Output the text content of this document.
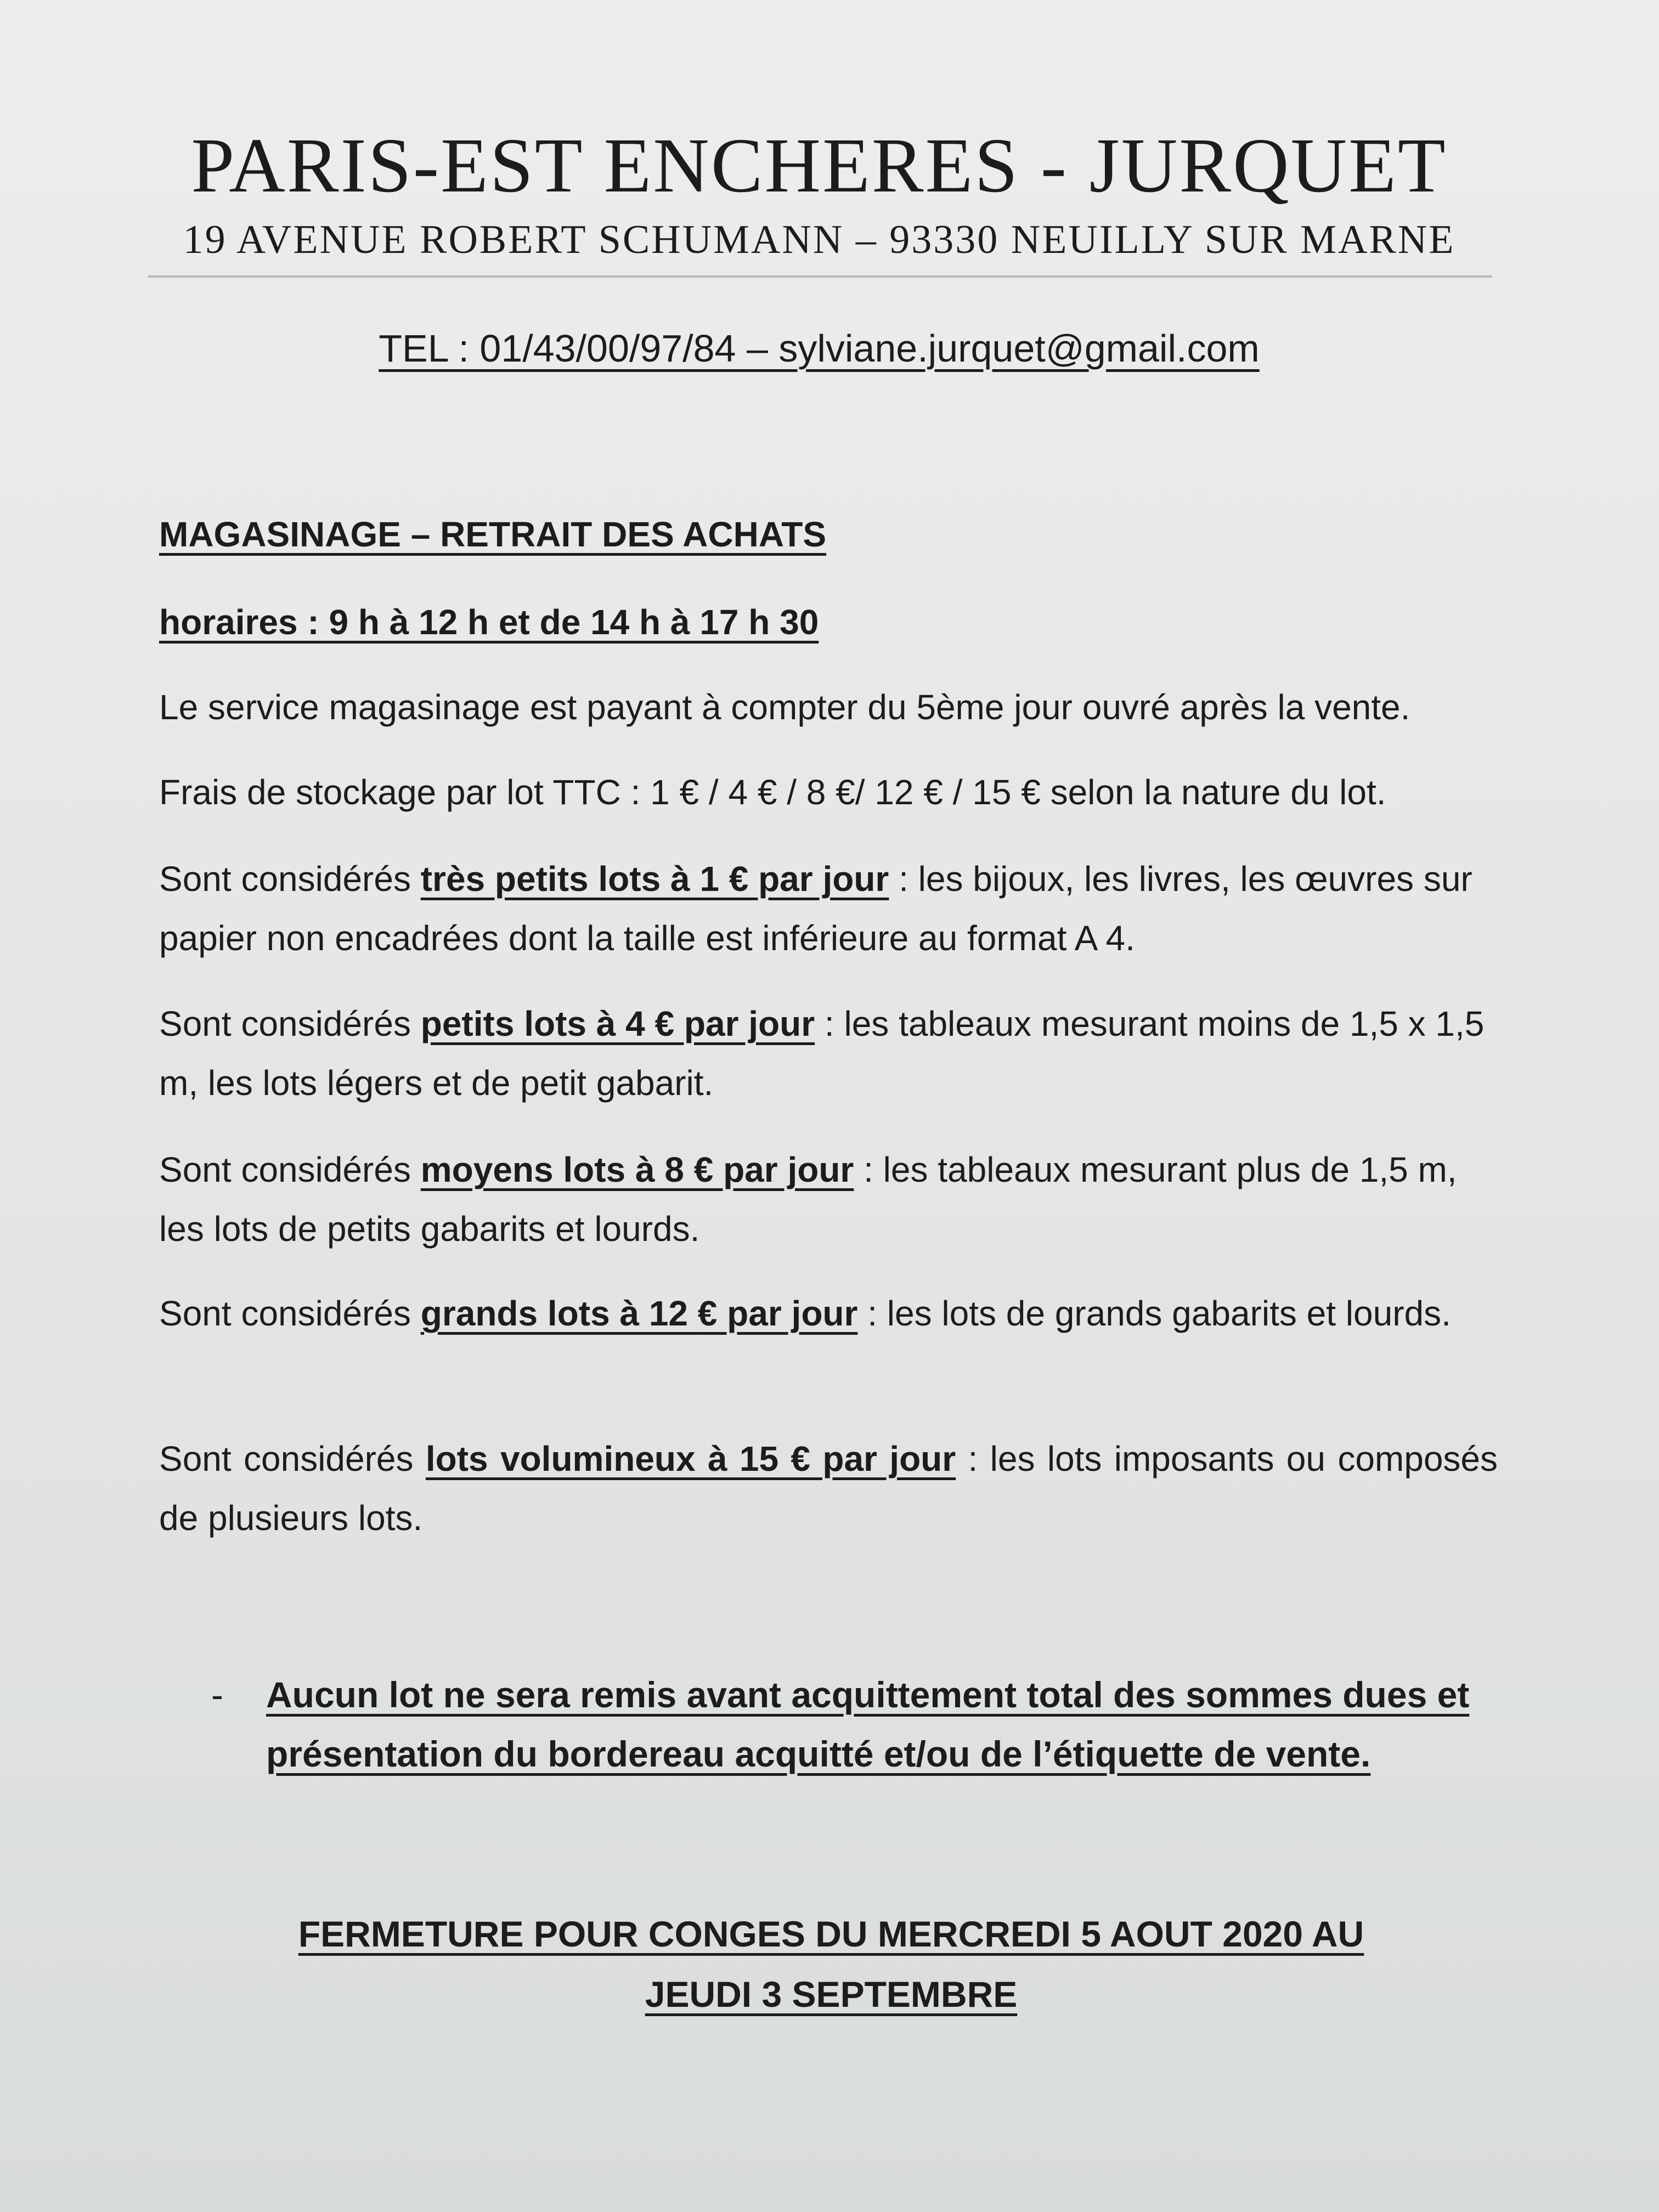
PARIS-EST ENCHERES - JURQUET
19 AVENUE ROBERT SCHUMANN – 93330 NEUILLY SUR MARNE
TEL : 01/43/00/97/84 – sylviane.jurquet@gmail.com
MAGASINAGE – RETRAIT DES ACHATS
horaires : 9 h à 12 h et de 14 h à 17 h 30
Le service magasinage est payant à compter du 5ème jour ouvré après la vente.
Frais de stockage par lot TTC : 1 € / 4 € / 8 €/ 12 € / 15 € selon la nature du lot.
Sont considérés très petits lots à 1 € par jour : les bijoux, les livres, les œuvres sur papier non encadrées dont la taille est inférieure au format A 4.
Sont considérés petits lots à 4 € par jour : les tableaux mesurant moins de 1,5 x 1,5 m, les lots légers et de petit gabarit.
Sont considérés moyens lots à 8 € par jour : les tableaux mesurant plus de 1,5 m, les lots de petits gabarits et lourds.
Sont considérés grands lots à 12 € par jour : les lots de grands gabarits et lourds.
Sont considérés lots volumineux à 15 € par jour : les lots imposants ou composés de plusieurs lots.
- Aucun lot ne sera remis avant acquittement total des sommes dues et présentation du bordereau acquitté et/ou de l’étiquette de vente.
FERMETURE POUR CONGES DU MERCREDI 5 AOUT 2020 AU JEUDI 3 SEPTEMBRE
